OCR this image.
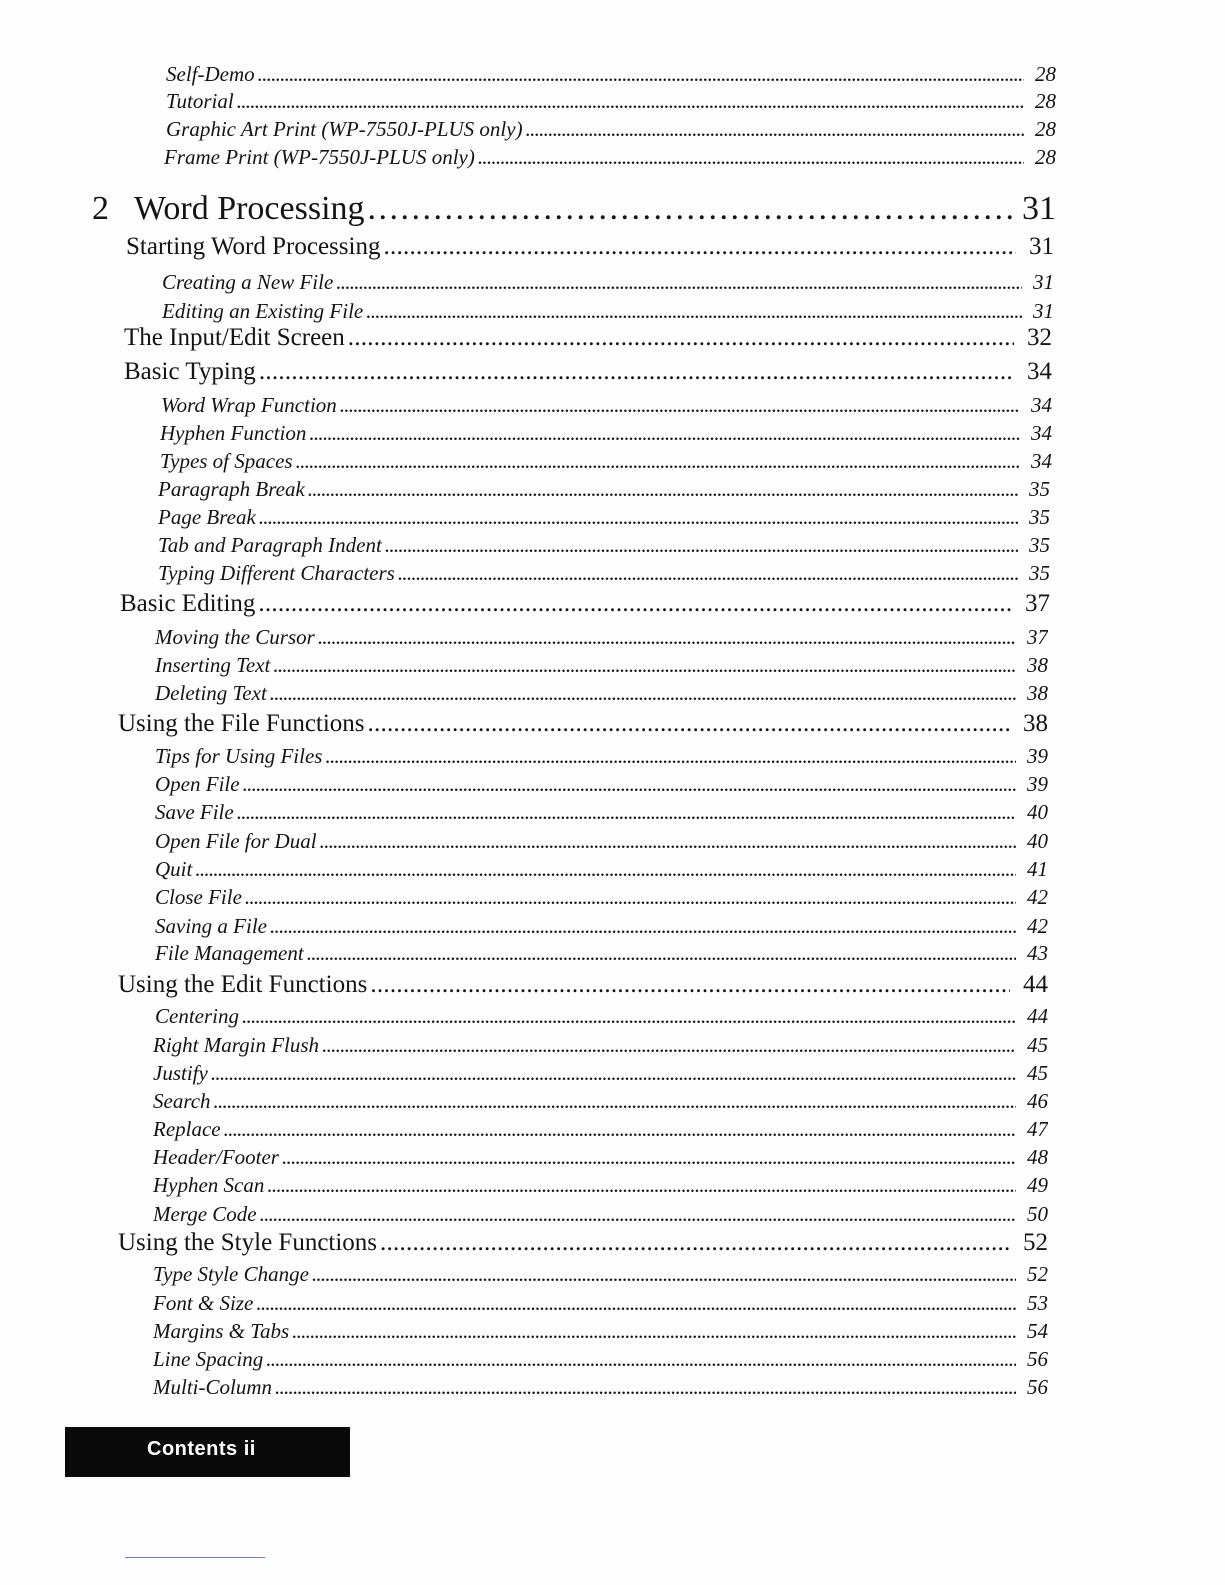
Self-Demo . . .	28
Tutorial . . .	28
Graphic Art Print (WP-7550J-PLUS only) . . .	28
Frame Print (WP-7550J-PLUS only) . . .	28
2 Word Processing . . .	31
Starting Word Processing . . .	31
Creating a New File . . .	31
Editing an Existing File . . .	31
The Input/Edit Screen . . .	32
Basic Typing . . .	34
Word Wrap Function . . .	34
Hyphen Function . . .	34
Types of Spaces . . .	34
Paragraph Break . . .	35
Page Break . . .	35
Tab and Paragraph Indent . . .	35
Typing Different Characters . . .	35
Basic Editing . . .	37
Moving the Cursor . . .	37
Inserting Text . . .	38
Deleting Text . . .	38
Using the File Functions . . .	38
Tips for Using Files . . .	39
Open File . . .	39
Save File . . .	40
Open File for Dual . . .	40
Quit . . .	41
Close File . . .	42
Saving a File . . .	42
File Management . . .	43
Using the Edit Functions . . .	44
Centering . . .	44
Right Margin Flush . . .	45
Justify . . .	45
Search . . .	46
Replace . . .	47
Header/Footer . . .	48
Hyphen Scan . . .	49
Merge Code . . .	50
Using the Style Functions . . .	52
Type Style Change . . .	52
Font & Size . . .	53
Margins & Tabs . . .	54
Line Spacing . . .	56
Multi-Column . . .	56
Contents ii
